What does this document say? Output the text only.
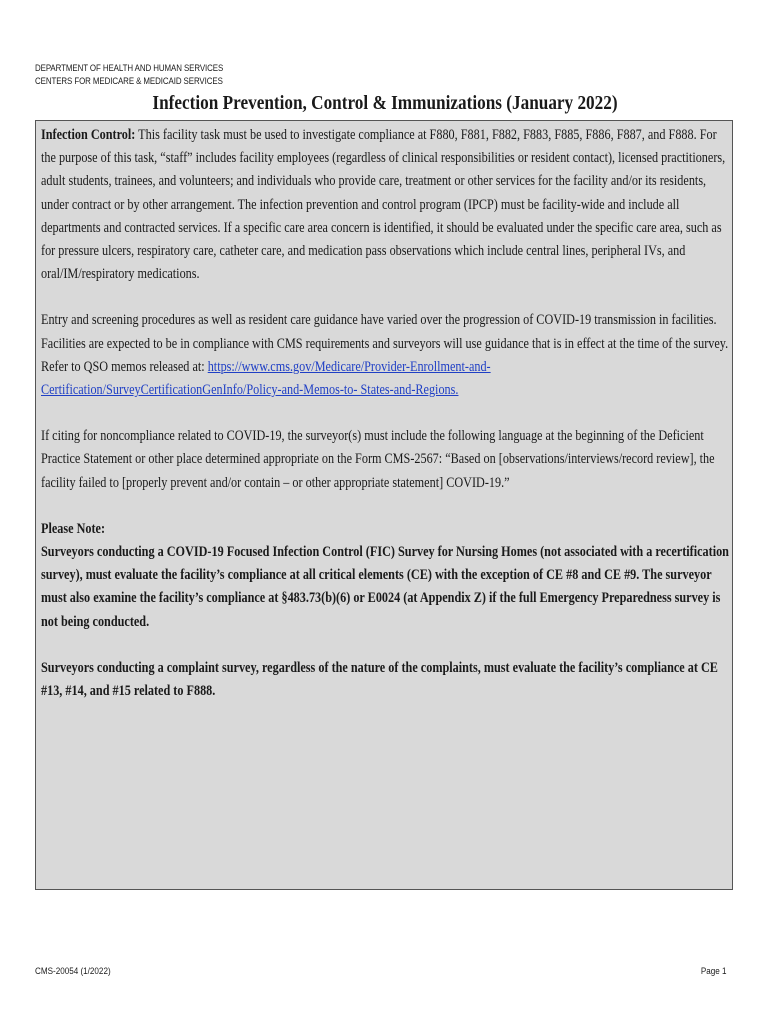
DEPARTMENT OF HEALTH AND HUMAN SERVICES
CENTERS FOR MEDICARE & MEDICAID SERVICES
Infection Prevention, Control & Immunizations (January 2022)

Infection Control: This facility task must be used to investigate compliance at F880, F881, F882, F883, F885, F886, F887, and F888. For the purpose of this task, “staff” includes facility employees (regardless of clinical responsibilities or resident contact), licensed practitioners, adult students, trainees, and volunteers; and individuals who provide care, treatment or other services for the facility and/or its residents, under contract or by other arrangement. The infection prevention and control program (IPCP) must be facility-wide and include all departments and contracted services. If a specific care area concern is identified, it should be evaluated under the specific care area, such as for pressure ulcers, respiratory care, catheter care, and medication pass observations which include central lines, peripheral IVs, and oral/IM/respiratory medications.

Entry and screening procedures as well as resident care guidance have varied over the progression of COVID-19 transmission in facilities. Facilities are expected to be in compliance with CMS requirements and surveyors will use guidance that is in effect at the time of the survey. Refer to QSO memos released at: https://www.cms.gov/Medicare/Provider-Enrollment-and-Certification/SurveyCertificationGenInfo/Policy-and-Memos-to- States-and-Regions.

If citing for noncompliance related to COVID-19, the surveyor(s) must include the following language at the beginning of the Deficient Practice Statement or other place determined appropriate on the Form CMS-2567: “Based on [observations/interviews/record review], the facility failed to [properly prevent and/or contain – or other appropriate statement] COVID-19.”

Please Note:

Surveyors conducting a COVID-19 Focused Infection Control (FIC) Survey for Nursing Homes (not associated with a recertification survey), must evaluate the facility’s compliance at all critical elements (CE) with the exception of CE #8 and CE #9. The surveyor must also examine the facility’s compliance at §483.73(b)(6) or E0024 (at Appendix Z) if the full Emergency Preparedness survey is not being conducted.

Surveyors conducting a complaint survey, regardless of the nature of the complaints, must evaluate the facility’s compliance at CE #13, #14, and #15 related to F888.

CMS-20054 (1/2022)	Page 1
